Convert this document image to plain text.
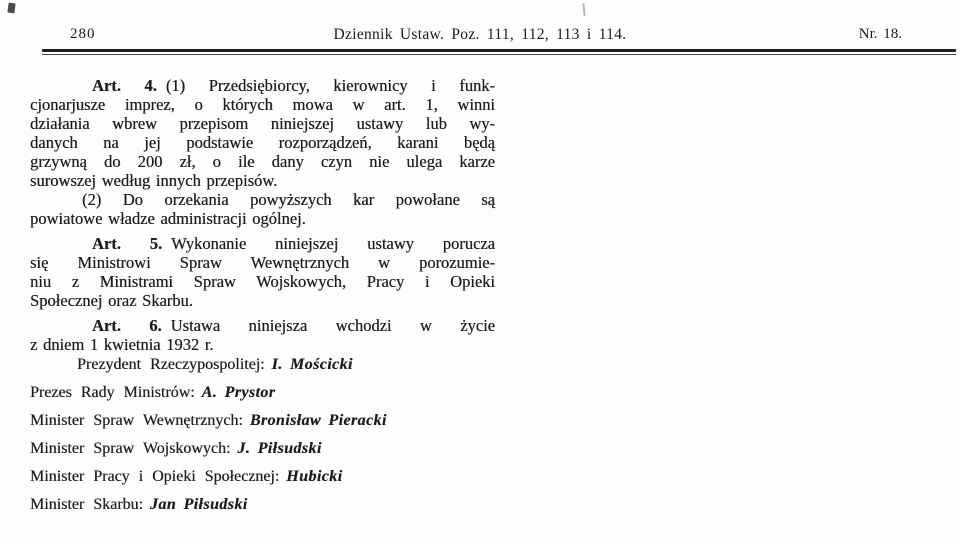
280	Dziennik Ustaw. Poz. 111, 112, 113 i 114.	Nr. 18.

Art. 4. (1) Przedsiębiorcy, kierownicy i funk-
cjonarjusze imprez, o których mowa w art. 1, winni
działania wbrew przepisom niniejszej ustawy lub wy-
danych na jej podstawie rozporządzeń, karani będą
grzywną do 200 zł, o ile dany czyn nie ulega karze
surowszej według innych przepisów.
(2) Do orzekania powyższych kar powołane są
powiatowe władze administracji ogólnej.

Art. 5. Wykonanie niniejszej ustawy porucza
się Ministrowi Spraw Wewnętrznych w porozumie-
niu z Ministrami Spraw Wojskowych, Pracy i Opieki
Społecznej oraz Skarbu.

Art. 6. Ustawa niniejsza wchodzi w życie
z dniem 1 kwietnia 1932 r.

Prezydent Rzeczypospolitej: I. Mościcki
Prezes Rady Ministrów: A. Prystor
Minister Spraw Wewnętrznych: Bronisław Pieracki
Minister Spraw Wojskowych: J. Piłsudski
Minister Pracy i Opieki Społecznej: Hubicki
Minister Skarbu: Jan Piłsudski
